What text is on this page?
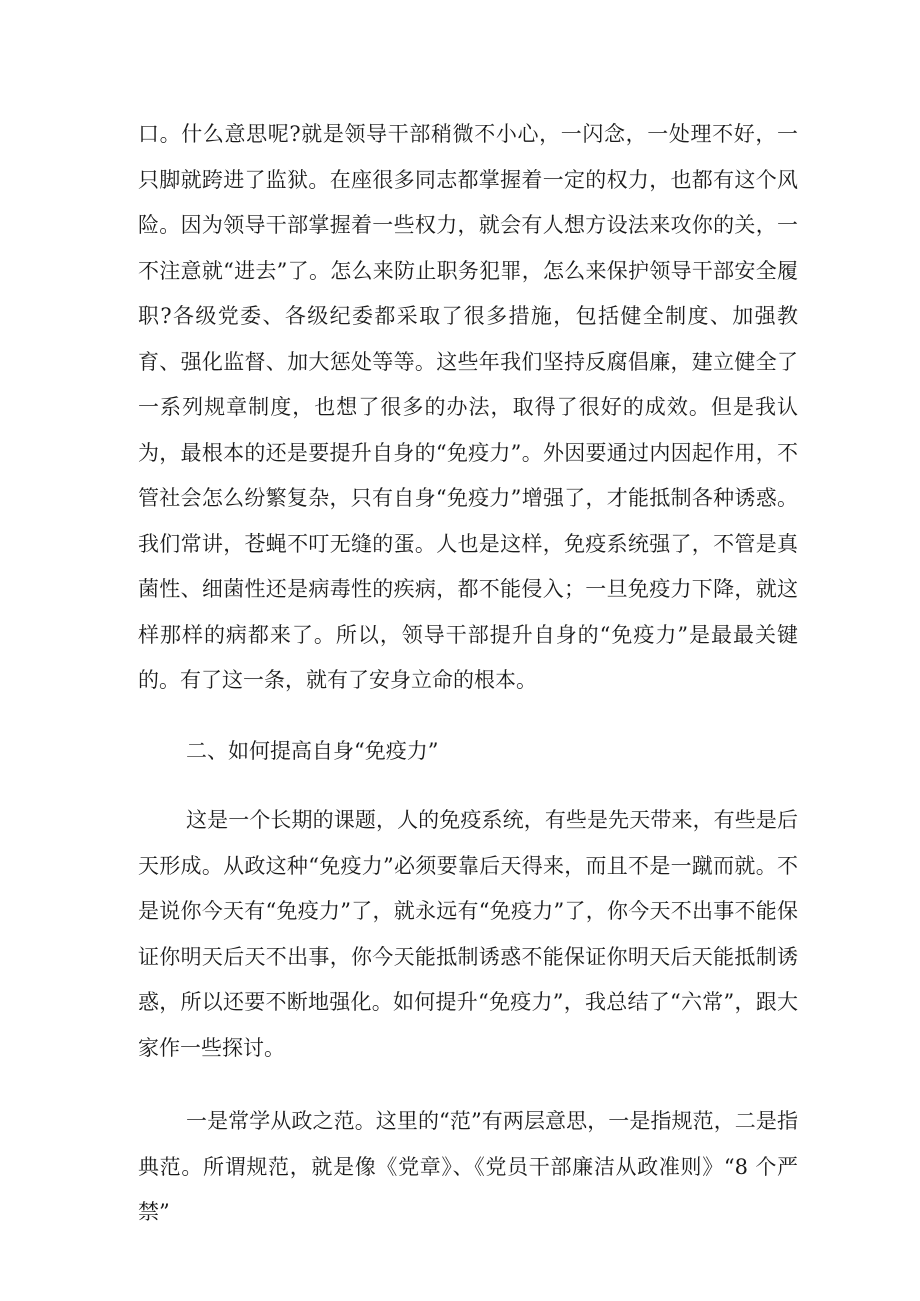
口。什么意思呢?就是领导干部稍微不小心，一闪念，一处理不好，一只脚就跨进了监狱。在座很多同志都掌握着一定的权力，也都有这个风险。因为领导干部掌握着一些权力，就会有人想方设法来攻你的关，一不注意就“进去”了。怎么来防止职务犯罪，怎么来保护领导干部安全履职?各级党委、各级纪委都采取了很多措施，包括健全制度、加强教育、强化监督、加大惩处等等。这些年我们坚持反腐倡廉，建立健全了一系列规章制度，也想了很多的办法，取得了很好的成效。但是我认为，最根本的还是要提升自身的“免疫力”。外因要通过内因起作用，不管社会怎么纷繁复杂，只有自身“免疫力”增强了，才能抵制各种诱惑。我们常讲，苍蝇不叮无缝的蛋。人也是这样，免疫系统强了，不管是真菌性、细菌性还是病毒性的疾病，都不能侵入；一旦免疫力下降，就这样那样的病都来了。所以，领导干部提升自身的“免疫力”是最最关键的。有了这一条，就有了安身立命的根本。

二、如何提高自身“免疫力”

这是一个长期的课题，人的免疫系统，有些是先天带来，有些是后天形成。从政这种“免疫力”必须要靠后天得来，而且不是一蹴而就。不是说你今天有“免疫力”了，就永远有“免疫力”了，你今天不出事不能保证你明天后天不出事，你今天能抵制诱惑不能保证你明天后天能抵制诱惑，所以还要不断地强化。如何提升“免疫力”，我总结了“六常”，跟大家作一些探讨。

一是常学从政之范。这里的“范”有两层意思，一是指规范，二是指典范。所谓规范，就是像《党章》、《党员干部廉洁从政准则》“8 个严禁”
